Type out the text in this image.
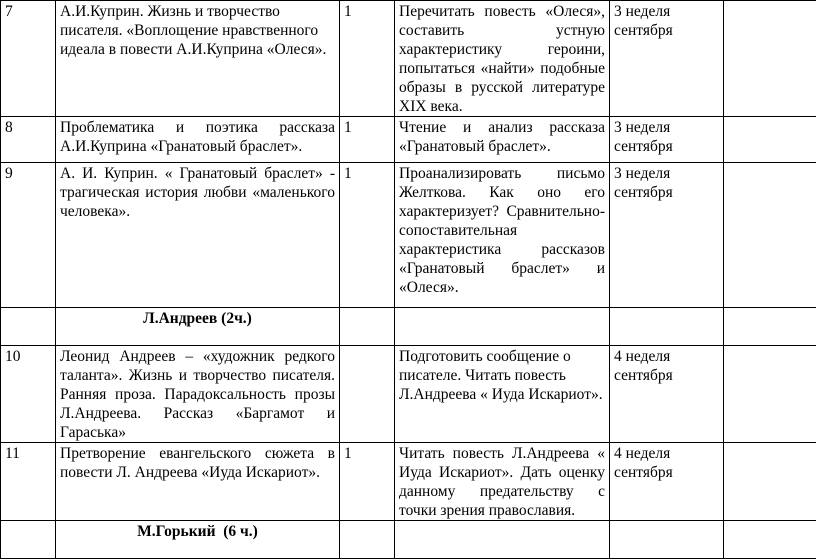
7	А.И.Куприн. Жизнь и творчество писателя. «Воплощение нравственного идеала в повести А.И.Куприна «Олеся».	1	Перечитать повесть «Олеся», составить устную характеристику героини, попытаться «найти» подобные образы в русской литературе XIX века.	3 неделя сентября	
8	Проблематика и поэтика рассказа А.И.Куприна «Гранатовый браслет».	1	Чтение и анализ рассказа «Гранатовый браслет».	3 неделя сентября	
9	А. И. Куприн. « Гранатовый браслет» - трагическая история любви «маленького человека».	1	Проанализировать письмо Желткова. Как оно его характеризует? Сравнительно-сопоставительная характеристика рассказов «Гранатовый браслет» и «Олеся».	3 неделя сентября	
	Л.Андреев (2ч.)				
10	Леонид Андреев – «художник редкого таланта». Жизнь и творчество писателя. Ранняя проза. Парадоксальность прозы Л.Андреева. Рассказ «Баргамот и Гараська»		Подготовить сообщение о писателе. Читать повесть Л.Андреева « Иуда Искариот».	4 неделя сентября	
11	Претворение евангельского сюжета в повести Л. Андреева «Иуда Искариот».	1	Читать повесть Л.Андреева « Иуда Искариот». Дать оценку данному предательству с точки зрения православия.	4 неделя сентября	

	М.Горький  (6 ч.)				
